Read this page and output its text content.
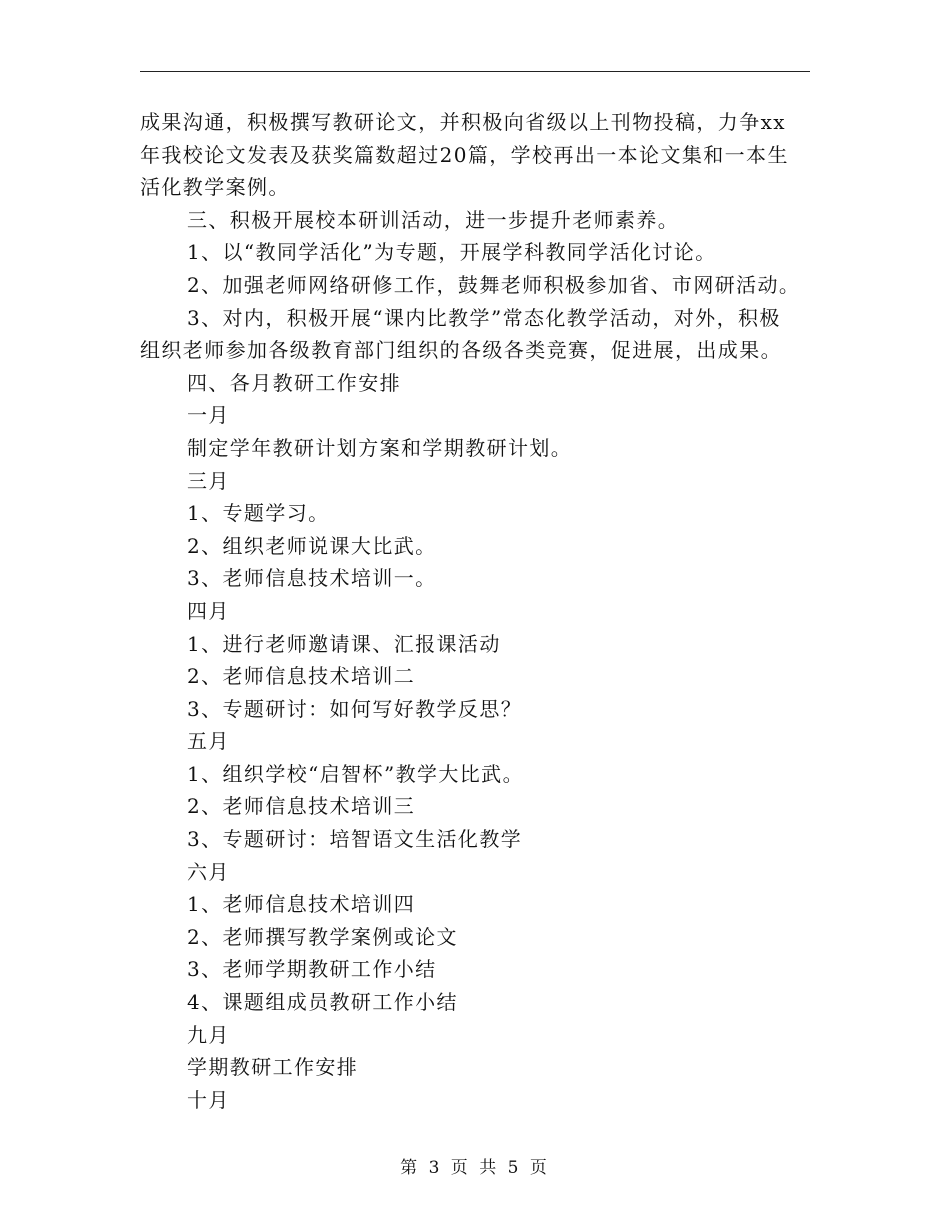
成果沟通，积极撰写教研论文，并积极向省级以上刊物投稿，力争xx
年我校论文发表及获奖篇数超过20篇，学校再出一本论文集和一本生
活化教学案例。
三、积极开展校本研训活动，进一步提升老师素养。
1、以“教同学活化”为专题，开展学科教同学活化讨论。
2、加强老师网络研修工作，鼓舞老师积极参加省、市网研活动。
3、对内，积极开展“课内比教学”常态化教学活动，对外，积极
组织老师参加各级教育部门组织的各级各类竞赛，促进展，出成果。
四、各月教研工作安排
一月
制定学年教研计划方案和学期教研计划。
三月
1、专题学习。
2、组织老师说课大比武。
3、老师信息技术培训一。
四月
1、进行老师邀请课、汇报课活动
2、老师信息技术培训二
3、专题研讨：如何写好教学反思？
五月
1、组织学校“启智杯”教学大比武。
2、老师信息技术培训三
3、专题研讨：培智语文生活化教学
六月
1、老师信息技术培训四
2、老师撰写教学案例或论文
3、老师学期教研工作小结
4、课题组成员教研工作小结
九月
学期教研工作安排
十月
第 3 页 共 5 页
